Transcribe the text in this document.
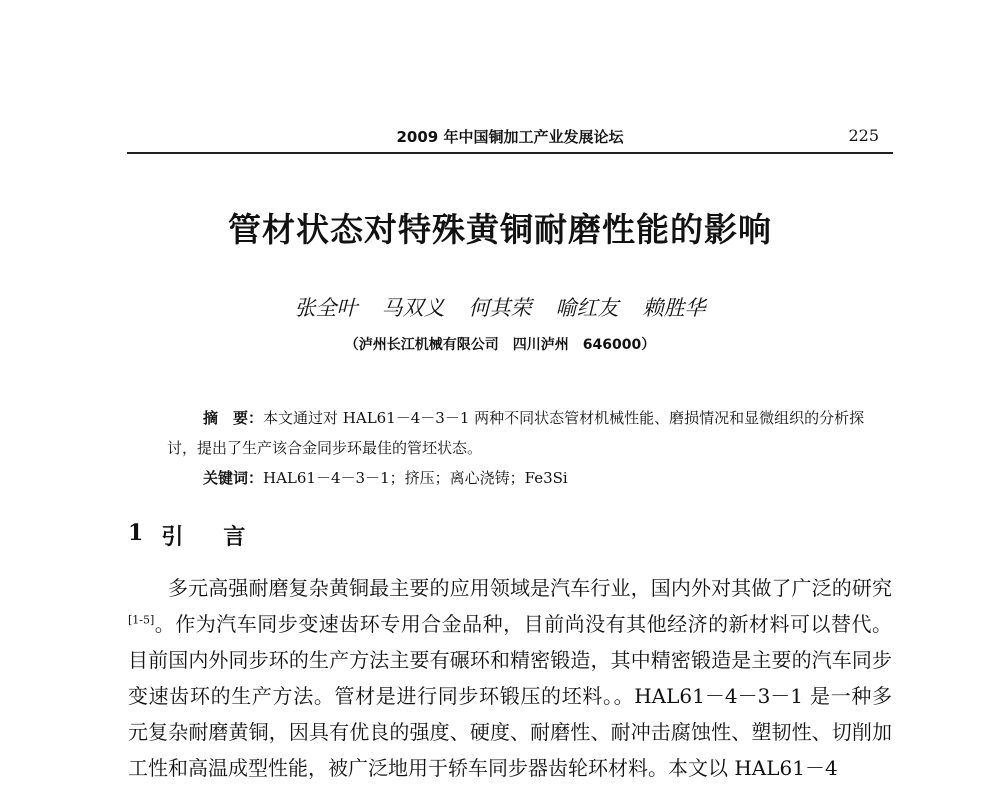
2009 年中国铜加工产业发展论坛	225
管材状态对特殊黄铜耐磨性能的影响
张全叶 马双义 何其荣 喻红友 赖胜华
（泸州长江机械有限公司　四川泸州　646000）
摘　要：本文通过对 HAL61－4－3－1 两种不同状态管材机械性能、磨损情况和显微组织的分析探讨，提出了生产该合金同步环最佳的管坯状态。
关键词：HAL61－4－3－1；挤压；离心浇铸；Fe3Si
1 引言
多元高强耐磨复杂黄铜最主要的应用领域是汽车行业，国内外对其做了广泛的研究[1-5]。作为汽车同步变速齿环专用合金品种，目前尚没有其他经济的新材料可以替代。目前国内外同步环的生产方法主要有碾环和精密锻造，其中精密锻造是主要的汽车同步变速齿环的生产方法。管材是进行同步环锻压的坯料。。HAL61－4－3－1 是一种多元复杂耐磨黄铜，因具有优良的强度、硬度、耐磨性、耐冲击腐蚀性、塑韧性、切削加工性和高温成型性能，被广泛地用于轿车同步器齿轮环材料。本文以 HAL61－4
